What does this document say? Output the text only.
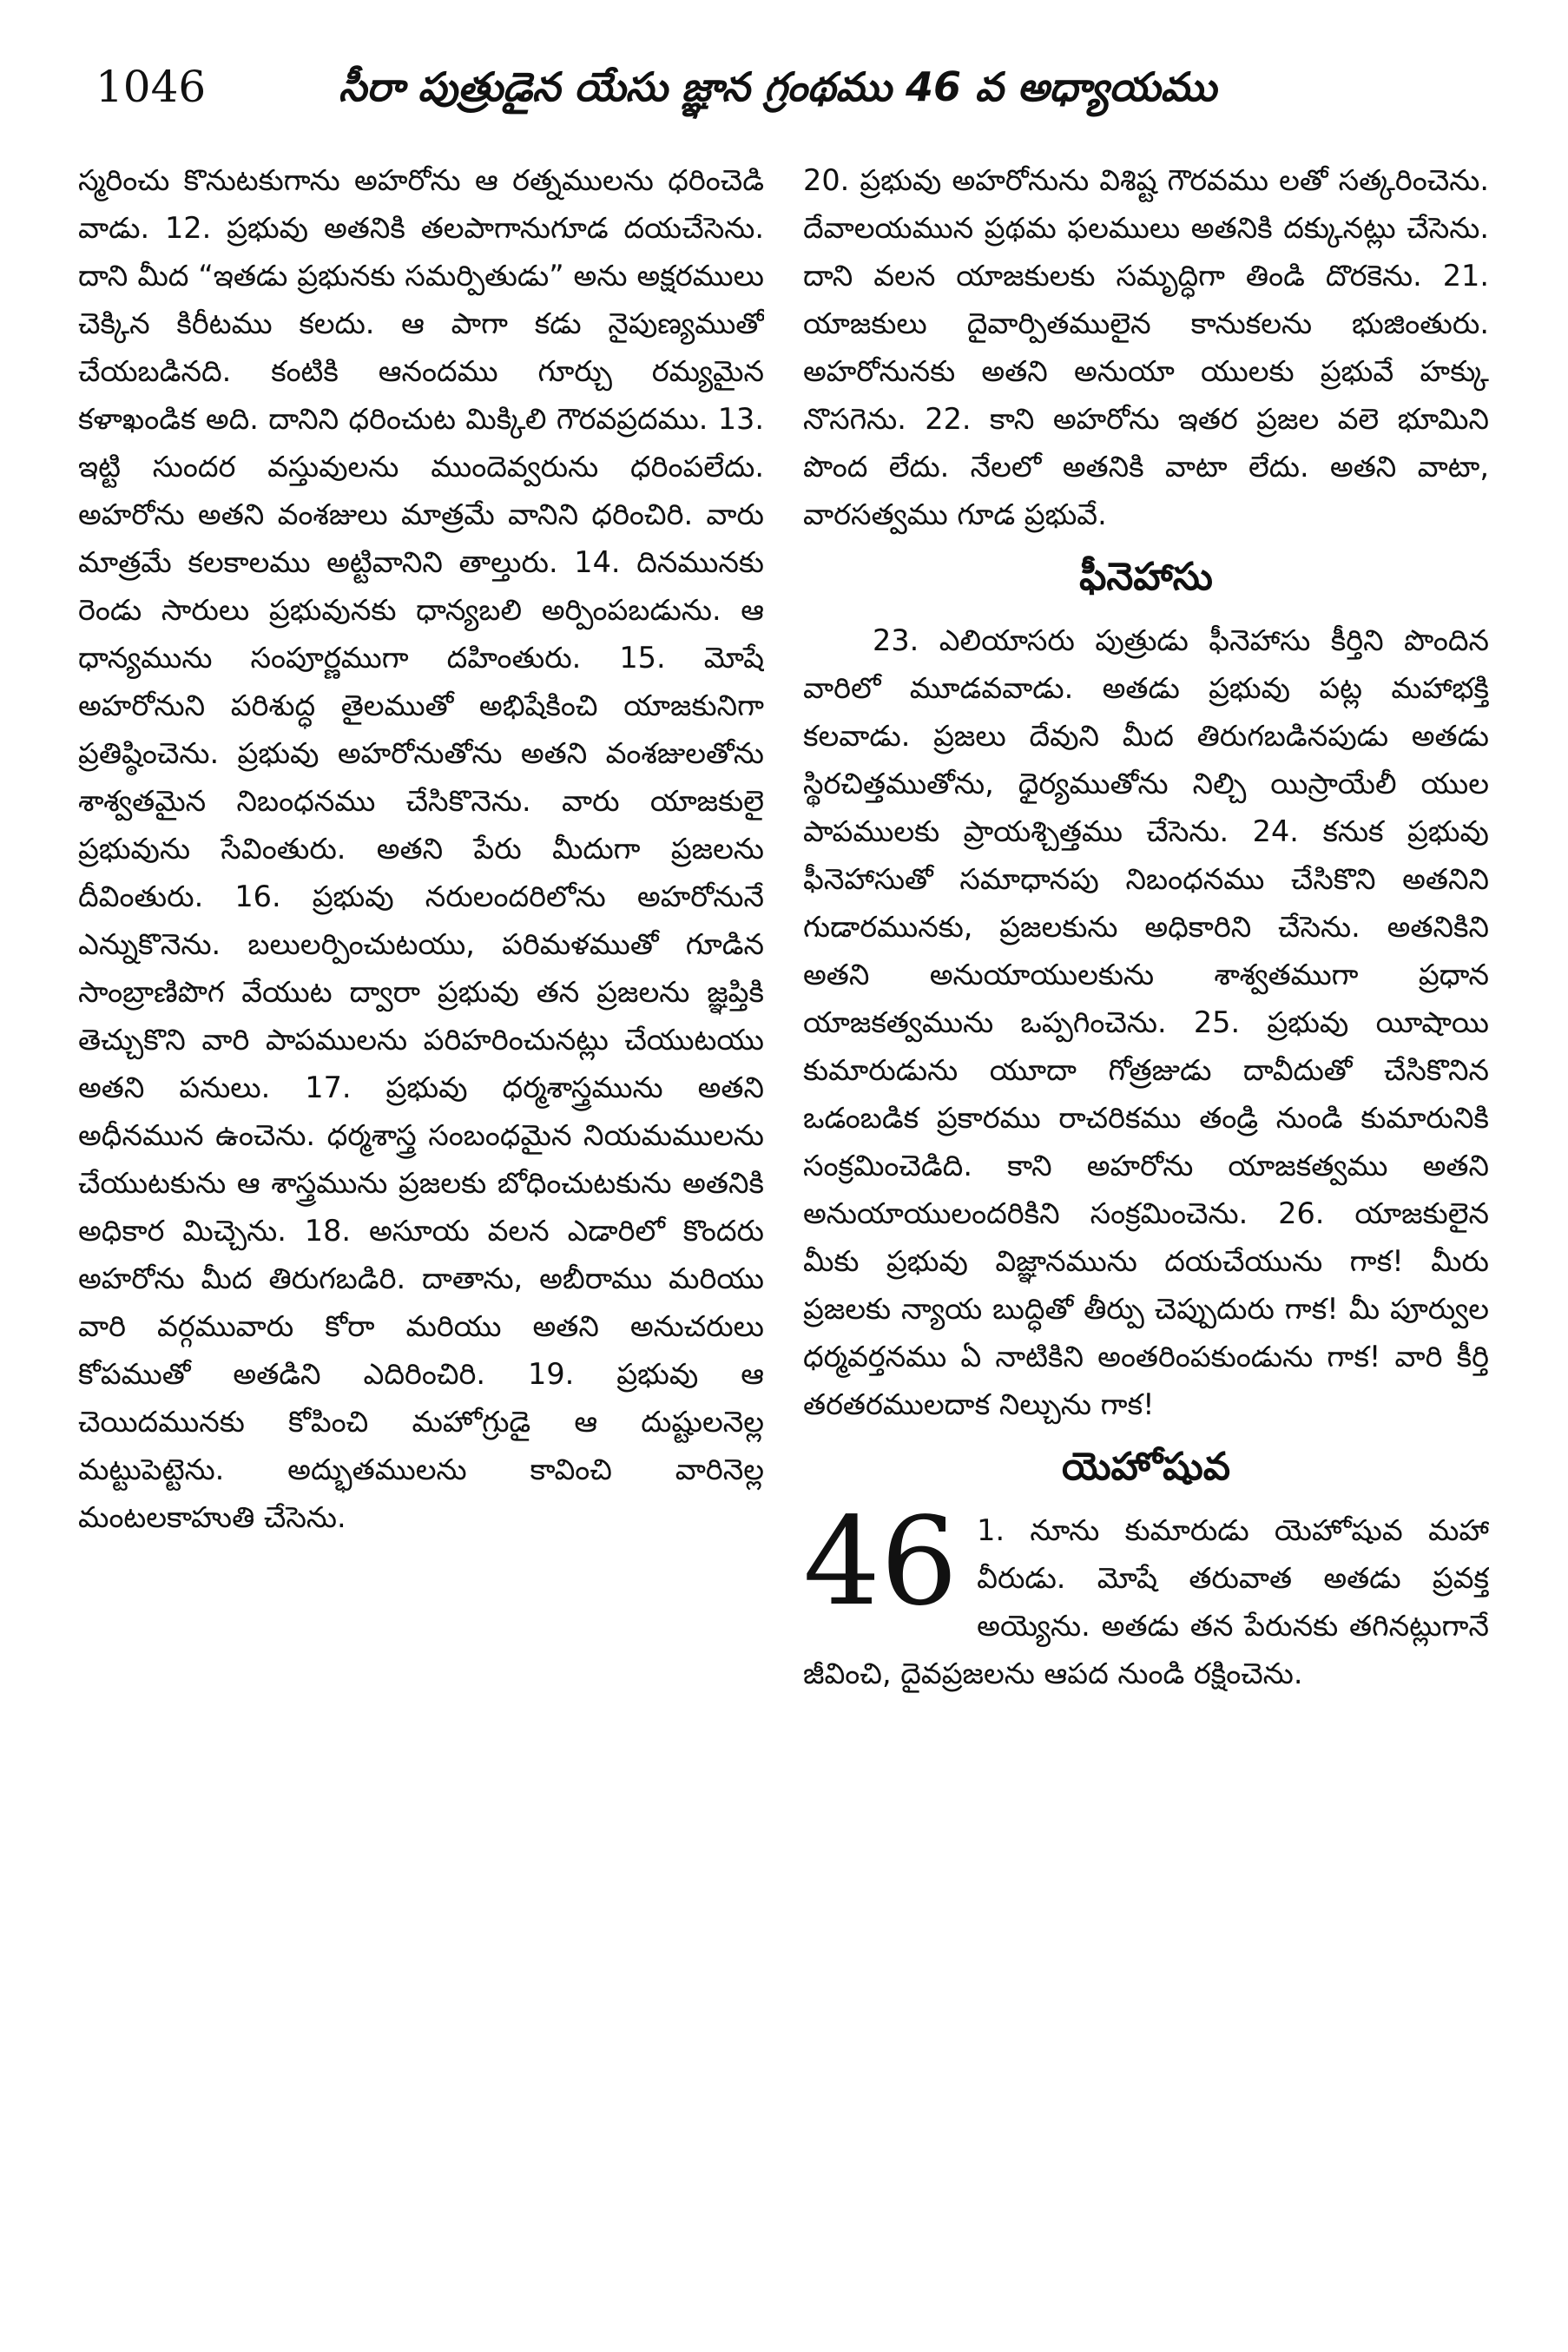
1046	సీరా పుత్రుడైన యేసు జ్ఞాన గ్రంథము 46 వ అధ్యాయము

స్మరించు కొనుటకుగాను అహరోను ఆ రత్నములను ధరించెడి వాడు. 12. ప్రభువు అతనికి తలపాగానుగూడ దయచేసెను. దాని మీద “ఇతడు ప్రభునకు సమర్పితుడు” అను అక్షరములు చెక్కిన కిరీటము కలదు. ఆ పాగా కడు నైపుణ్యముతో చేయబడినది. కంటికి ఆనందము గూర్చు రమ్యమైన కళాఖండిక అది. దానిని ధరించుట మిక్కిలి గౌరవప్రదము. 13. ఇట్టి సుందర వస్తువులను ముందెవ్వరును ధరింపలేదు. అహరోను అతని వంశజులు మాత్రమే వానిని ధరించిరి. వారు మాత్రమే కలకాలము అట్టివానిని తాల్తురు. 14. దినమునకు రెండు సారులు ప్రభువునకు ధాన్యబలి అర్పింపబడును. ఆ ధాన్యమును సంపూర్ణముగా దహింతురు. 15. మోషే అహరోనుని పరిశుద్ధ తైలముతో అభిషేకించి యాజకునిగా ప్రతిష్ఠించెను. ప్రభువు అహరోనుతోను అతని వంశజులతోను శాశ్వతమైన నిబంధనము చేసికొనెను. వారు యాజకులై ప్రభువును సేవింతురు. అతని పేరు మీదుగా ప్రజలను దీవింతురు. 16. ప్రభువు నరులందరిలోను అహరోనునే ఎన్నుకొనెను. బలులర్పించుటయు, పరిమళముతో గూడిన సాంబ్రాణిపొగ వేయుట ద్వారా ప్రభువు తన ప్రజలను జ్ఞప్తికి తెచ్చుకొని వారి పాపములను పరిహరించునట్లు చేయుటయు అతని పనులు. 17. ప్రభువు ధర్మశాస్త్రమును అతని అధీనమున ఉంచెను. ధర్మశాస్త్ర సంబంధమైన నియమములను చేయుటకును ఆ శాస్త్రమును ప్రజలకు బోధించుటకును అతనికి అధికార మిచ్చెను. 18. అసూయ వలన ఎడారిలో కొందరు అహరోను మీద తిరుగబడిరి. దాతాను, అబీరాము మరియు వారి వర్గమువారు కోరా మరియు అతని అనుచరులు కోపముతో అతడిని ఎదిరించిరి. 19. ప్రభువు ఆ చెయిదమునకు కోపించి మహోగ్రుడై ఆ దుష్టులనెల్ల మట్టుపెట్టెను. అద్భుతములను కావించి వారినెల్ల మంటలకాహుతి చేసెను.

20. ప్రభువు అహరోనును విశిష్ట గౌరవము లతో సత్కరించెను. దేవాలయమున ప్రథమ ఫలములు అతనికి దక్కునట్లు చేసెను. దాని వలన యాజకులకు సమృద్ధిగా తిండి దొరకెను. 21. యాజకులు దైవార్పితములైన కానుకలను భుజింతురు. అహరోనునకు అతని అనుయా యులకు ప్రభువే హక్కు నొసగెను. 22. కాని అహరోను ఇతర ప్రజల వలె భూమిని పొంద లేదు. నేలలో అతనికి వాటా లేదు. అతని వాటా, వారసత్వము గూడ ప్రభువే.

ఫీనెహాసు

23. ఎలియాసరు పుత్రుడు ఫీనెహాసు కీర్తిని పొందిన వారిలో మూడవవాడు. అతడు ప్రభువు పట్ల మహాభక్తి కలవాడు. ప్రజలు దేవుని మీద తిరుగబడినపుడు అతడు స్థిరచిత్తముతోను, ధైర్యముతోను నిల్చి యిస్రాయేలీ యుల పాపములకు ప్రాయశ్చిత్తము చేసెను. 24. కనుక ప్రభువు ఫీనెహాసుతో సమాధానపు నిబంధనము చేసికొని అతనిని గుడారమునకు, ప్రజలకును అధికారిని చేసెను. అతనికిని అతని అనుయాయులకును శాశ్వతముగా ప్రధాన యాజకత్వమును ఒప్పగించెను. 25. ప్రభువు యీషాయి కుమారుడును యూదా గోత్రజుడు దావీదుతో చేసికొనిన ఒడంబడిక ప్రకారము రాచరికము తండ్రి నుండి కుమారునికి సంక్రమించెడిది. కాని అహరోను యాజకత్వము అతని అనుయాయులందరికిని సంక్రమించెను. 26. యాజకులైన మీకు ప్రభువు విజ్ఞానమును దయచేయును గాక! మీరు ప్రజలకు న్యాయ బుద్ధితో తీర్పు చెప్పుదురు గాక! మీ పూర్వుల ధర్మవర్తనము ఏ నాటికిని అంతరింపకుండును గాక! వారి కీర్తి తరతరములదాక నిల్చును గాక!

యెహోషువ
46 1. నూను కుమారుడు యెహోషువ మహా వీరుడు. మోషే తరువాత అతడు ప్రవక్త అయ్యెను. అతడు తన పేరునకు తగినట్లుగానే జీవించి, దైవప్రజలను ఆపద నుండి రక్షించెను.
